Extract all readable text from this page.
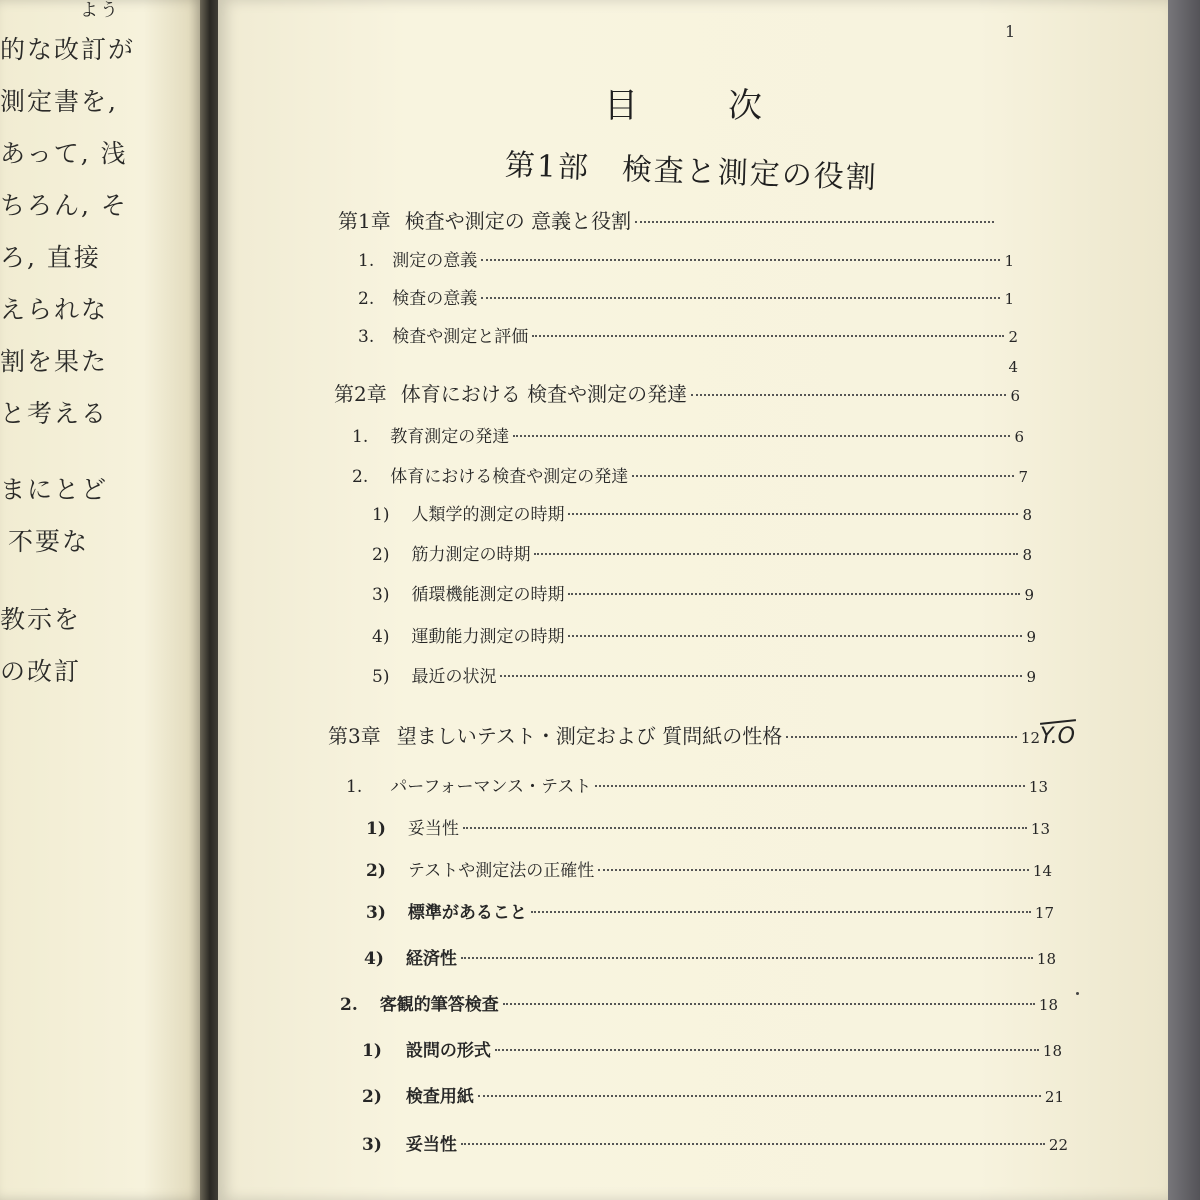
よう
的な改訂が
測定書を,
あって, 浅
ちろん, そ
ろ, 直接
えられな
割を果た
と考える
まにとど
不要な
教示を
の改訂
1
目次
第1部　検査と測定の役割
第1章 検査や測定の 意義と役割
1. 測定の意義	1
2. 検査の意義	1
3. 検査や測定と評価	2
4
第2章 体育における 検査や測定の発達	6
1. 教育測定の発達	6
2. 体育における検査や測定の発達	7
1) 人類学的測定の時期	8
2) 筋力測定の時期	8
3) 循環機能測定の時期	9
4) 運動能力測定の時期	9
5) 最近の状況	9
第3章 望ましいテスト・測定および 質問紙の性格	12
1. パーフォーマンス・テスト	13
1) 妥当性	13
2) テストや測定法の正確性	14
3) 標準があること	17
4) 経済性	18
2. 客観的筆答検査	18
1) 設問の形式	18
2) 検査用紙	21
3) 妥当性	22
Y.O
